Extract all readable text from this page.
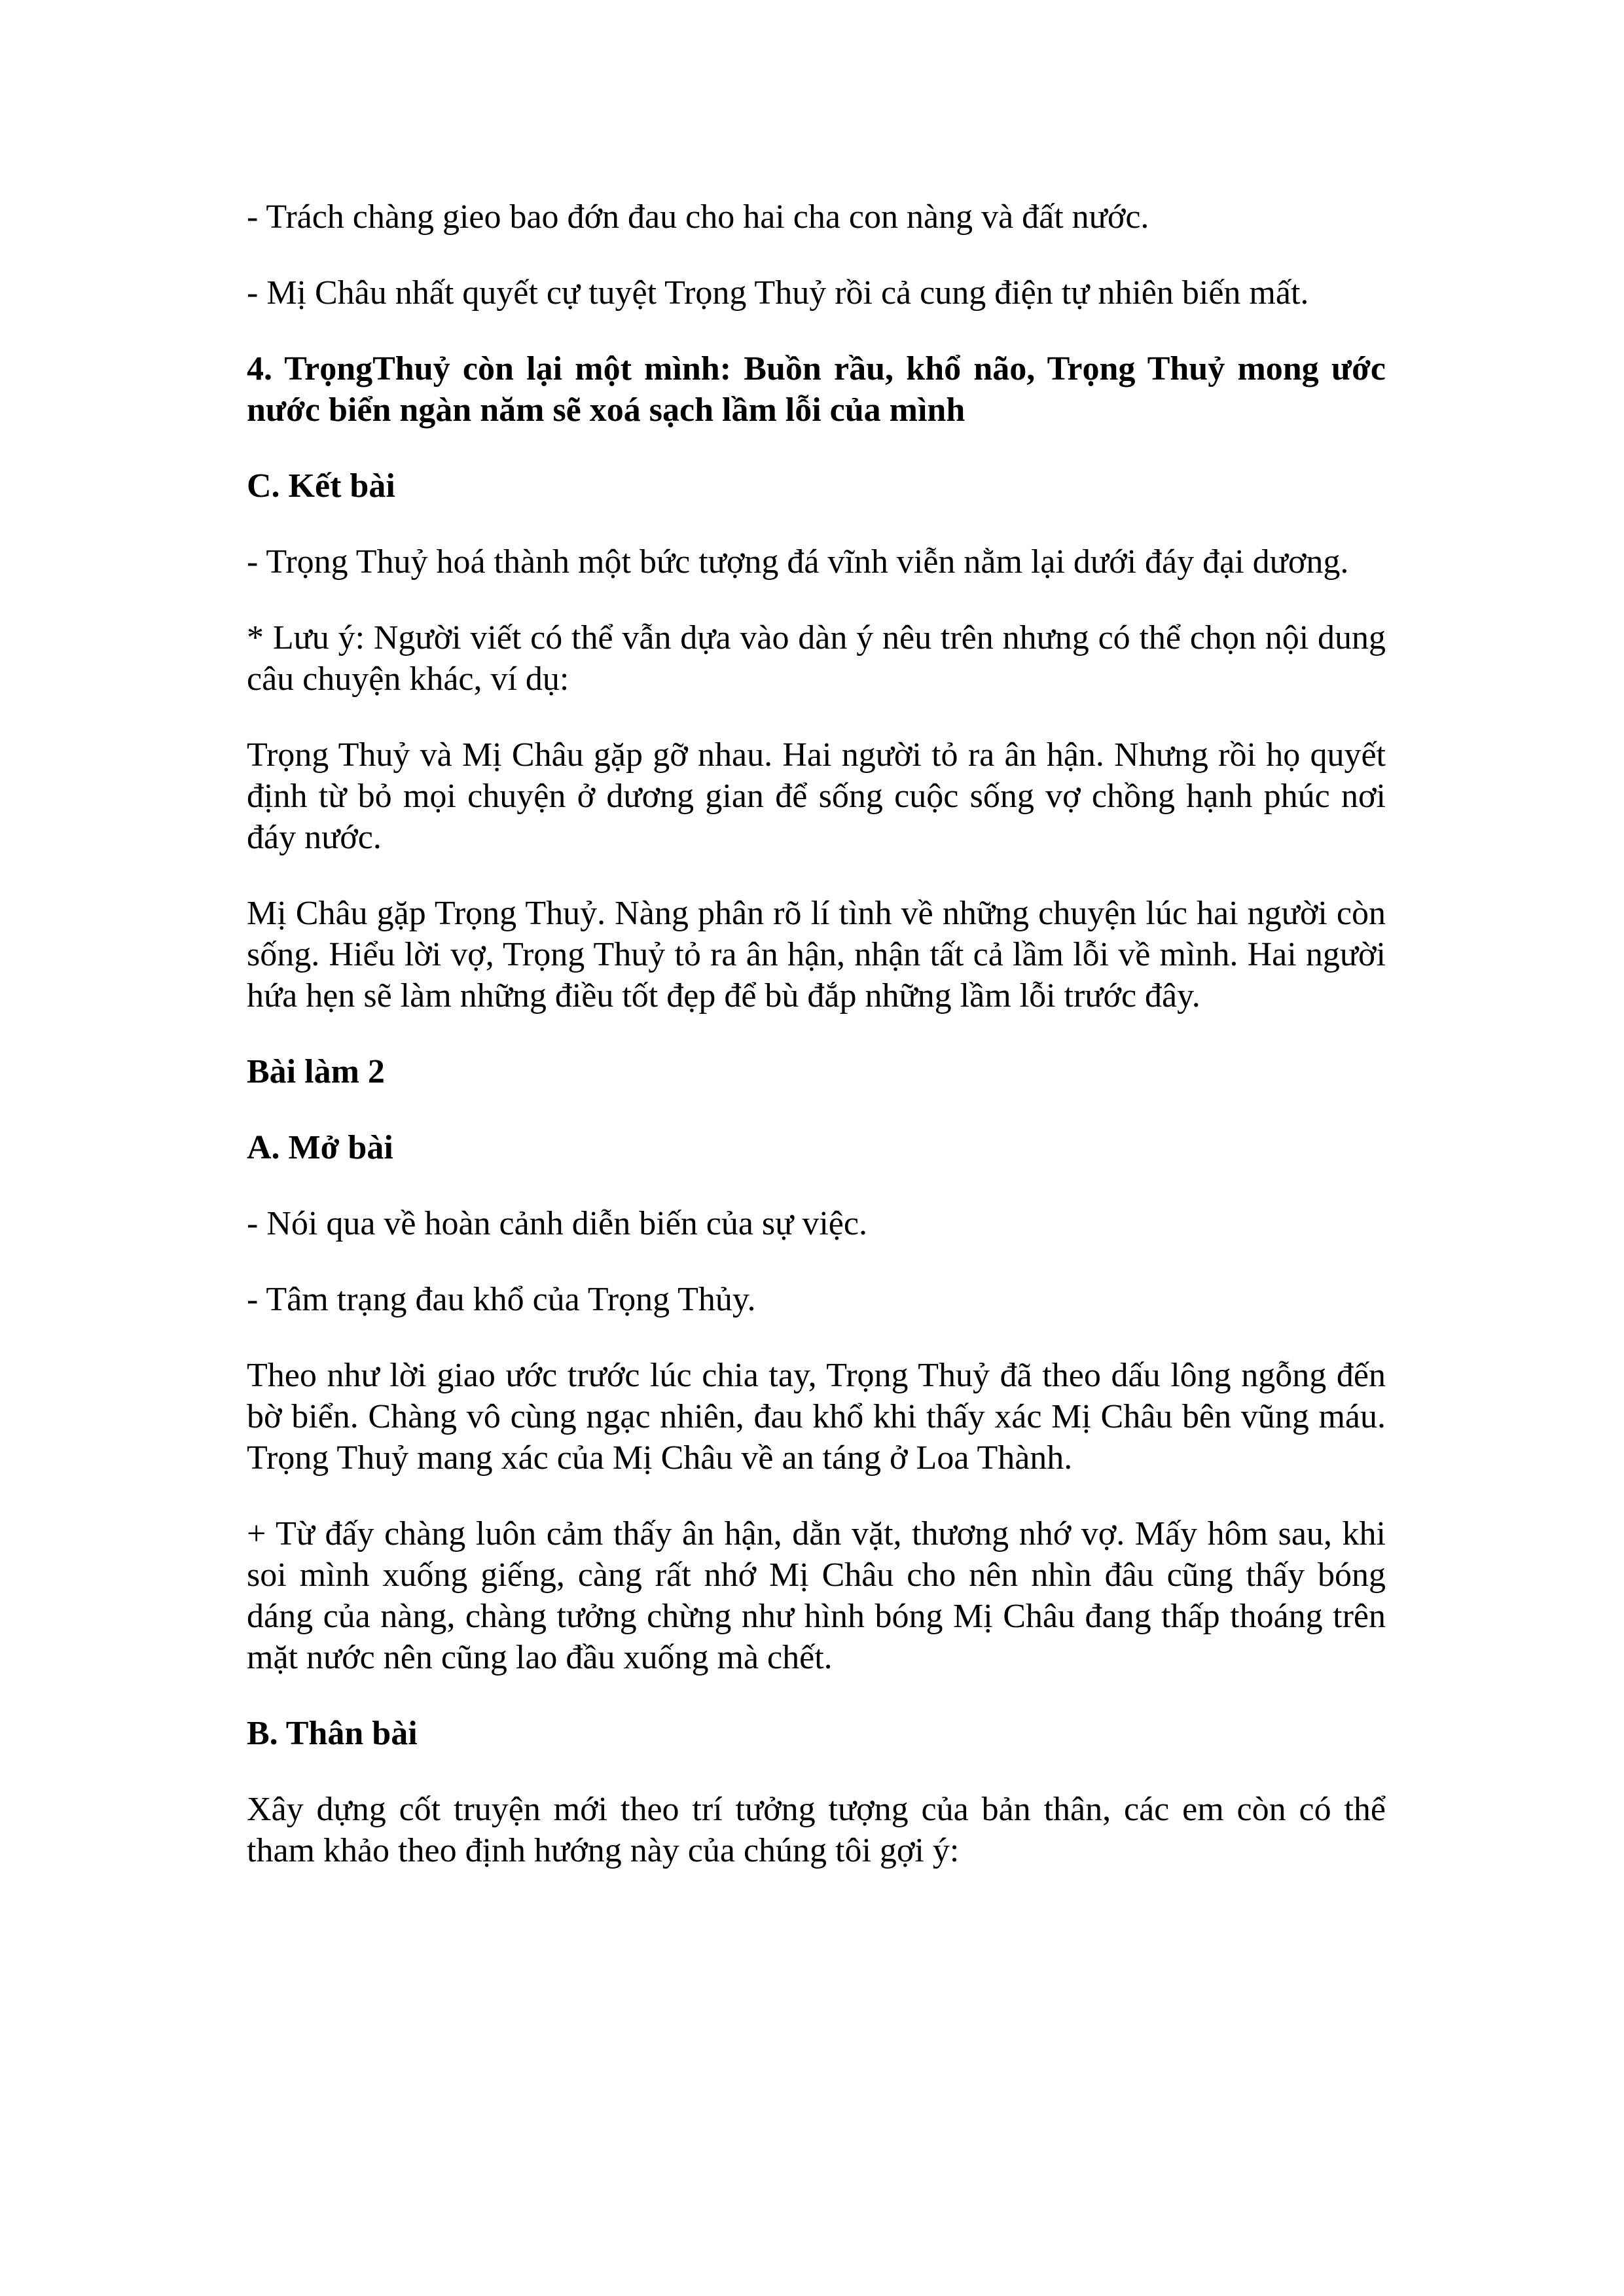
- Trách chàng gieo bao đớn đau cho hai cha con nàng và đất nước.

- Mị Châu nhất quyết cự tuyệt Trọng Thuỷ rồi cả cung điện tự nhiên biến mất.

4. TrọngThuỷ còn lại một mình: Buồn rầu, khổ não, Trọng Thuỷ mong ước nước biển ngàn năm sẽ xoá sạch lầm lỗi của mình

C. Kết bài

- Trọng Thuỷ hoá thành một bức tượng đá vĩnh viễn nằm lại dưới đáy đại dương.

* Lưu ý: Người viết có thể vẫn dựa vào dàn ý nêu trên nhưng có thể chọn nội dung câu chuyện khác, ví dụ:

Trọng Thuỷ và Mị Châu gặp gỡ nhau. Hai người tỏ ra ân hận. Nhưng rồi họ quyết định từ bỏ mọi chuyện ở dương gian để sống cuộc sống vợ chồng hạnh phúc nơi đáy nước.

Mị Châu gặp Trọng Thuỷ. Nàng phân rõ lí tình về những chuyện lúc hai người còn sống. Hiểu lời vợ, Trọng Thuỷ tỏ ra ân hận, nhận tất cả lầm lỗi về mình. Hai người hứa hẹn sẽ làm những điều tốt đẹp để bù đắp những lầm lỗi trước đây.

Bài làm 2

A. Mở bài

- Nói qua về hoàn cảnh diễn biến của sự việc.

- Tâm trạng đau khổ của Trọng Thủy.

Theo như lời giao ước trước lúc chia tay, Trọng Thuỷ đã theo dấu lông ngỗng đến bờ biển. Chàng vô cùng ngạc nhiên, đau khổ khi thấy xác Mị Châu bên vũng máu. Trọng Thuỷ mang xác của Mị Châu về an táng ở Loa Thành.

+ Từ đấy chàng luôn cảm thấy ân hận, dằn vặt, thương nhớ vợ. Mấy hôm sau, khi soi mình xuống giếng, càng rất nhớ Mị Châu cho nên nhìn đâu cũng thấy bóng dáng của nàng, chàng tưởng chừng như hình bóng Mị Châu đang thấp thoáng trên mặt nước nên cũng lao đầu xuống mà chết.

B. Thân bài

Xây dựng cốt truyện mới theo trí tưởng tượng của bản thân, các em còn có thể tham khảo theo định hướng này của chúng tôi gợi ý:
